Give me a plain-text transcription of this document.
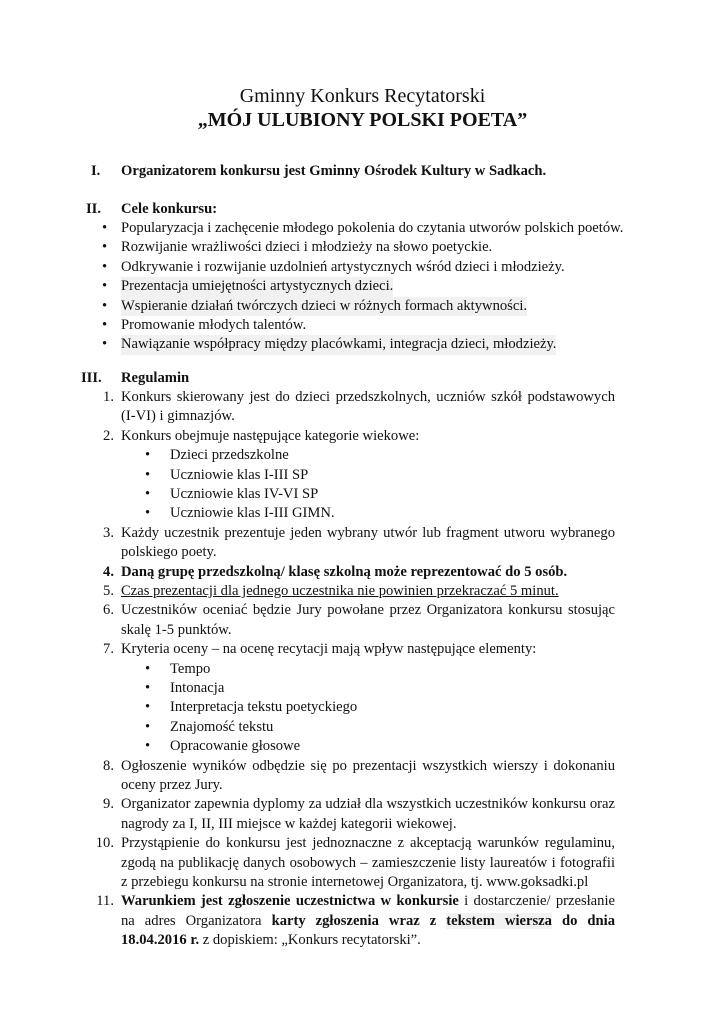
Gminny Konkurs Recytatorski
„MÓJ ULUBIONY POLSKI POETA”
I.	Organizatorem konkursu jest Gminny Ośrodek Kultury w Sadkach.
II.	Cele konkursu:
• Popularyzacja i zachęcenie młodego pokolenia do czytania utworów polskich poetów.
• Rozwijanie wrażliwości dzieci i młodzieży na słowo poetyckie.
• Odkrywanie i rozwijanie uzdolnień artystycznych wśród dzieci i młodzieży.
• Prezentacja umiejętności artystycznych dzieci.
• Wspieranie działań twórczych dzieci w różnych formach aktywności.
• Promowanie młodych talentów.
• Nawiązanie współpracy między placówkami, integracja dzieci, młodzieży.
III.	Regulamin
1. Konkurs skierowany jest do dzieci przedszkolnych, uczniów szkół podstawowych (I-VI) i gimnazjów.
2. Konkurs obejmuje następujące kategorie wiekowe:
• Dzieci przedszkolne
• Uczniowie klas I-III SP
• Uczniowie klas IV-VI SP
• Uczniowie klas I-III GIMN.
3. Każdy uczestnik prezentuje jeden wybrany utwór lub fragment utworu wybranego polskiego poety.
4. Daną grupę przedszkolną/ klasę szkolną może reprezentować do 5 osób.
5. Czas prezentacji dla jednego uczestnika nie powinien przekraczać 5 minut.
6. Uczestników oceniać będzie Jury powołane przez Organizatora konkursu stosując skalę 1-5 punktów.
7. Kryteria oceny – na ocenę recytacji mają wpływ następujące elementy:
• Tempo
• Intonacja
• Interpretacja tekstu poetyckiego
• Znajomość tekstu
• Opracowanie głosowe
8. Ogłoszenie wyników odbędzie się po prezentacji wszystkich wierszy i dokonaniu oceny przez Jury.
9. Organizator zapewnia dyplomy za udział dla wszystkich uczestników konkursu oraz nagrody za I, II, III miejsce w każdej kategorii wiekowej.
10. Przystąpienie do konkursu jest jednoznaczne z akceptacją warunków regulaminu, zgodą na publikację danych osobowych – zamieszczenie listy laureatów i fotografii z przebiegu konkursu na stronie internetowej Organizatora, tj. www.goksadki.pl
11. Warunkiem jest zgłoszenie uczestnictwa w konkursie i dostarczenie/ przesłanie na adres Organizatora karty zgłoszenia wraz z tekstem wiersza do dnia 18.04.2016 r. z dopiskiem: „Konkurs recytatorski”.
